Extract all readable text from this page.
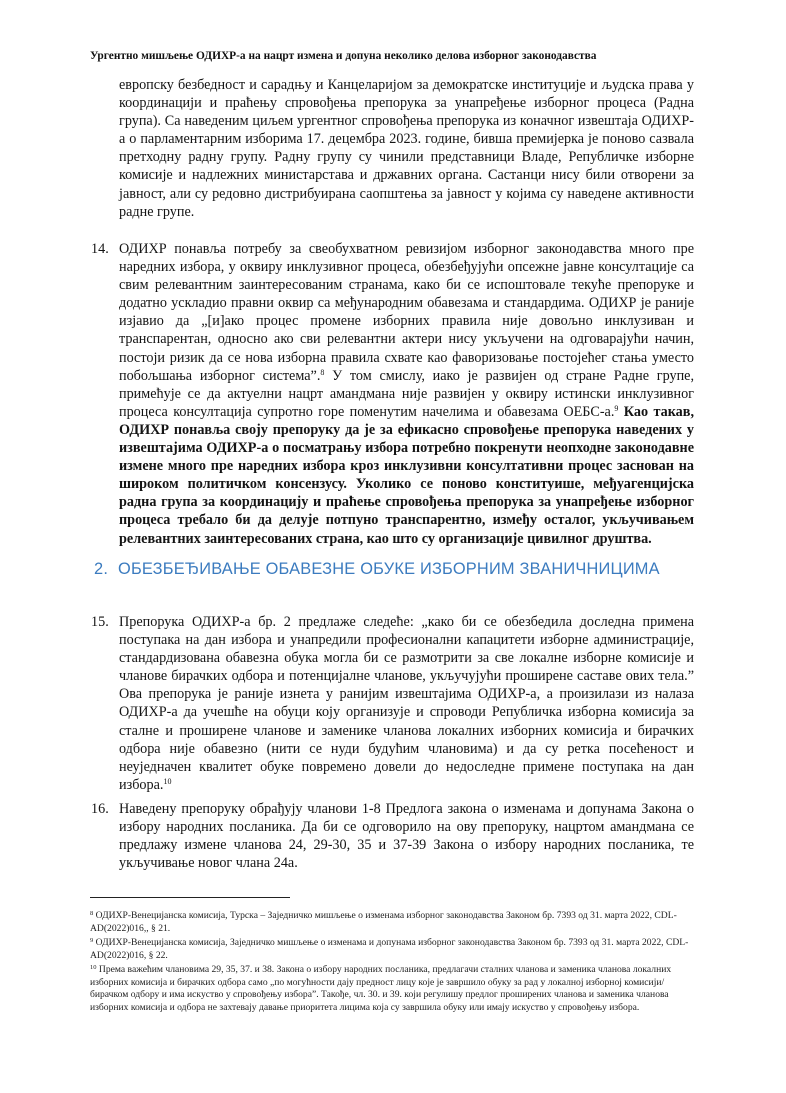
Ургентно мишљење ОДИХР-а на нацрт измена и допуна неколико делова изборног законодавства
европску безбедност и сарадњу и Канцеларијом за демократске институције и људска права у координацији и праћењу спровођења препорука за унапређење изборног процеса (Радна група). Са наведеним циљем ургентног спровођења препорука из коначног извештаја ОДИХР-а о парламентарним изборима 17. децембра 2023. године, бивша премијерка је поново сазвала претходну радну групу. Радну групу су чинили представници Владе, Републичке изборне комисије и надлежних министарстава и државних органа. Састанци нису били отворени за јавност, али су редовно дистрибуирана саопштења за јавност у којима су наведене активности радне групе.
14. ОДИХР понавља потребу за свеобухватном ревизијом изборног законодавства много пре наредних избора, у оквиру инклузивног процеса, обезбеђујући опсежне јавне консултације са свим релевантним заинтересованим странама, како би се испоштовале текуће препоруке и додатно ускладио правни оквир са међународним обавезама и стандардима. ОДИХР је раније изјавио да „[и]ако процес промене изборних правила није довољно инклузиван и транспарентан, односно ако сви релевантни актери нису укључени на одговарајући начин, постоји ризик да се нова изборна правила схвате као фаворизовање постојећег стања уместо побољшања изборног система”.$^8$ У том смислу, иако је развијен од стране Радне групе, примећује се да актуелни нацрт амандмана није развијен у оквиру истински инклузивног процеса консултација супротно горе поменутим начелима и обавезама ОЕБС-а.$^9$ Као такав, ОДИХР понавља своју препоруку да је за ефикасно спровођење препорука наведених у извештајима ОДИХР-а о посматрању избора потребно покренути неопходне законодавне измене много пре наредних избора кроз инклузивни консултативни процес заснован на широком политичком консензусу. Уколико се поново конституише, међуагенцијска радна група за координацију и праћење спровођења препорука за унапређење изборног процеса требало би да делује потпуно транспарентно, између осталог, укључивањем релевантних заинтересованих страна, као што су организације цивилног друштва.
2. ОБЕЗБЕЂИВАЊЕ ОБАВЕЗНЕ ОБУКЕ ИЗБОРНИМ ЗВАНИЧНИЦИМА
15. Препорука ОДИХР-а бр. 2 предлаже следеће: „како би се обезбедила доследна примена поступака на дан избора и унапредили професионални капацитети изборне администрације, стандардизована обавезна обука могла би се размотрити за све локалне изборне комисије и чланове бирачких одбора и потенцијалне чланове, укључујући проширене саставе ових тела.” Ова препорука је раније изнета у ранијим извештајима ОДИХР-а, а произилази из налаза ОДИХР-а да учешће на обуци коју организује и спроводи Републичка изборна комисија за сталне и проширене чланове и заменике чланова локалних изборних комисија и бирачких одбора није обавезно (нити се нуди будућим члановима) и да су ретка посећеност и неуједначен квалитет обуке повремено довели до недоследне примене поступака на дан избора.$^{10}$
16. Наведену препоруку обрађују чланови 1-8 Предлога закона о изменама и допунама Закона о избору народних посланика. Да би се одговорило на ову препоруку, нацртом амандмана се предлажу измене чланова 24, 29-30, 35 и 37-39 Закона о избору народних посланика, те укључивање новог члана 24а.
$^8$ ОДИХР-Венецијанска комисија, Турска – Заједничко мишљење о изменама изборног законодавства Законом бр. 7393 од 31. марта 2022, CDL-AD(2022)016,, § 21.
$^9$ ОДИХР-Венецијанска комисија, Заједничко мишљење о изменама и допунама изборног законодавства Законом бр. 7393 од 31. марта 2022, CDL- AD(2022)016, § 22.
$^{10}$ Према важећим члановима 29, 35, 37. и 38. Закона о избору народних посланика, предлагачи сталних чланова и заменика чланова локалних изборних комисија и бирачких одбора само „по могућности дају предност лицу које је завршило обуку за рад у локалној изборној комисији/бирачком одбору и има искуство у спровођењу избора”. Такође, чл. 30. и 39. који регулишу предлог проширених чланова и заменика чланова изборних комисија и одбора не захтевају давање приоритета лицима која су завршила обуку или имају искуство у спровођењу избора.
